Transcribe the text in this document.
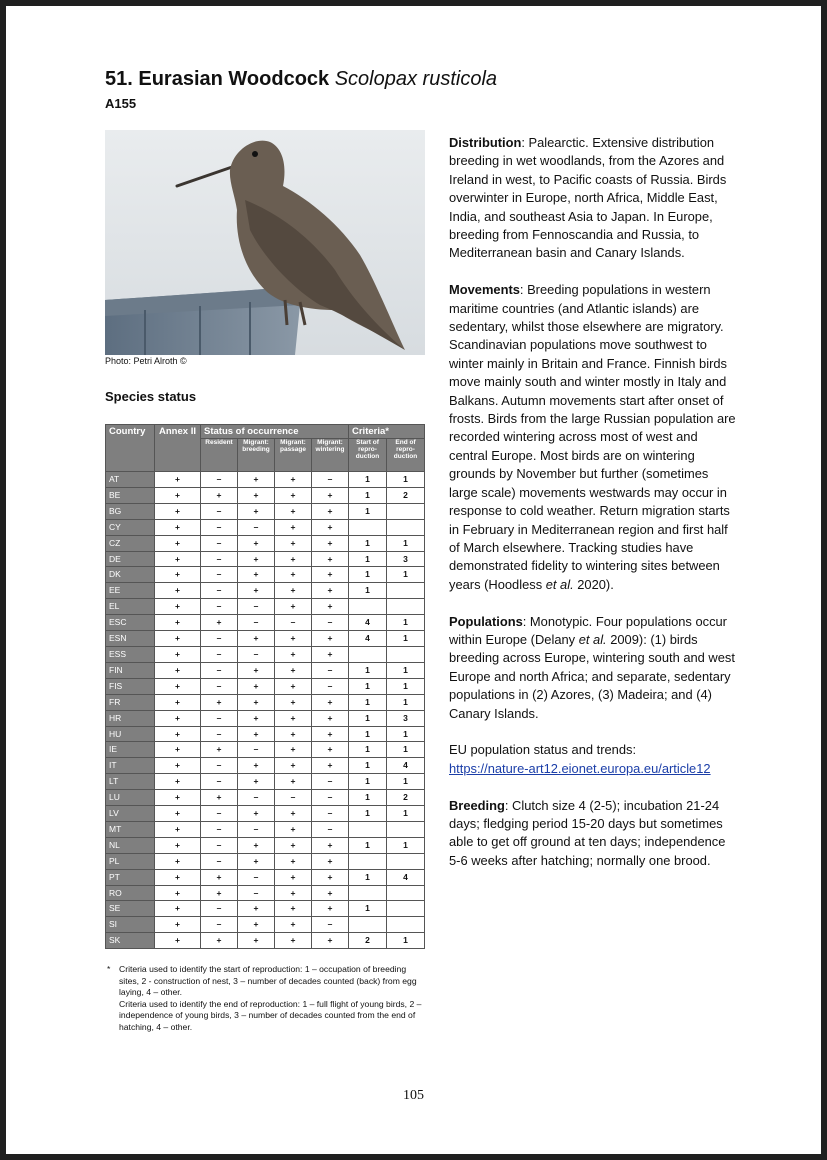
51. Eurasian Woodcock Scolopax rusticola
A155
Photo: Petri Alroth ©
Species status
Country	Annex II	Status of occurrence				Criteria*	
		Resident	Migrant: breeding	Migrant: passage	Migrant: wintering	Start of repro-duction	End of repro-duction
AT	+	–	+	+	–	1	1
BE	+	+	+	+	+	1	2
BG	+	–	+	+	+	1	
CY	+	–	–	+	+		
CZ	+	–	+	+	+	1	1
DE	+	–	+	+	+	1	3
DK	+	–	+	+	+	1	1
EE	+	–	+	+	+	1	
EL	+	–	–	+	+		
ESC	+	+	–	–	–	4	1
ESN	+	–	+	+	+	4	1
ESS	+	–	–	+	+		
FIN	+	–	+	+	–	1	1
FIS	+	–	+	+	–	1	1
FR	+	+	+	+	+	1	1
HR	+	–	+	+	+	1	3
HU	+	–	+	+	+	1	1
IE	+	+	–	+	+	1	1
IT	+	–	+	+	+	1	4
LT	+	–	+	+	–	1	1
LU	+	+	–	–	–	1	2
LV	+	–	+	+	–	1	1
MT	+	–	–	+	–		
NL	+	–	+	+	+	1	1
PL	+	–	+	+	+		
PT	+	+	–	+	+	1	4
RO	+	+	–	+	+		
SE	+	–	+	+	+	1	
SI	+	–	+	+	–		
SK	+	+	+	+	+	2	1
* Criteria used to identify the start of reproduction: 1 – occupation of breeding sites, 2 - construction of nest, 3 – number of decades counted (back) from egg laying, 4 – other.

Criteria used to identify the end of reproduction: 1 – full flight of young birds, 2 – independence of young birds, 3 – number of decades counted from the end of hatching, 4 – other.

Distribution: Palearctic. Extensive distribution breeding in wet woodlands, from the Azores and Ireland in west, to Pacific coasts of Russia. Birds overwinter in Europe, north Africa, Middle East, India, and southeast Asia to Japan. In Europe, breeding from Fennoscandia and Russia, to Mediterranean basin and Canary Islands.

Movements: Breeding populations in western maritime countries (and Atlantic islands) are sedentary, whilst those elsewhere are migratory. Scandinavian populations move southwest to winter mainly in Britain and France. Finnish birds move mainly south and winter mostly in Italy and Balkans. Autumn movements start after onset of frosts. Birds from the large Russian population are recorded wintering across most of west and central Europe. Most birds are on wintering grounds by November but further (sometimes large scale) movements westwards may occur in response to cold weather. Return migration starts in February in Mediterranean region and first half of March elsewhere. Tracking studies have demonstrated fidelity to wintering sites between years (Hoodless et al. 2020).

Populations: Monotypic. Four populations occur within Europe (Delany et al. 2009): (1) birds breeding across Europe, wintering south and west Europe and north Africa; and separate, sedentary populations in (2) Azores, (3) Madeira; and (4) Canary Islands.

EU population status and trends:
https://nature-art12.eionet.europa.eu/article12

Breeding: Clutch size 4 (2-5); incubation 21-24 days; fledging period 15-20 days but sometimes able to get off ground at ten days; independence 5-6 weeks after hatching; normally one brood.

105
